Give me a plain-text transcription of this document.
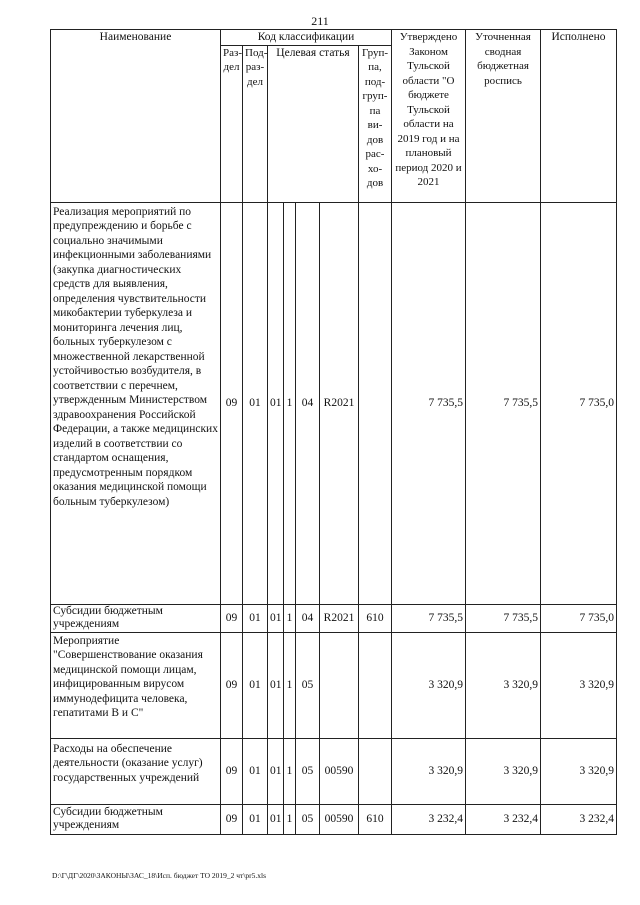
211
Наименование	Код классификации							Утверждено Законом Тульской области "О бюджете Тульской области на 2019 год и на плановый период 2020 и 2021	Уточненная сводная бюджетная роспись	Исполнено
	Раз-дел	Под-раз-дел	Целевая статья				Груп-па, под-груп-па ви-дов рас-хо-дов			
Реализация мероприятий по предупреждению и борьбе с социально значимыми инфекционными заболеваниями (закупка диагностических средств для выявления, определения чувствительности микобактерии туберкулеза и мониторинга лечения лиц, больных туберкулезом с множественной лекарственной устойчивостью возбудителя, в соответствии с перечнем, утвержденным Министерством здравоохранения Российской Федерации, а также медицинских изделий в соответствии со стандартом оснащения, предусмотренным порядком оказания медицинской помощи больным туберкулезом)	09	01	01	1	04	R2021		7 735,5	7 735,5	7 735,0
Субсидии бюджетным учреждениям	09	01	01	1	04	R2021	610	7 735,5	7 735,5	7 735,0
Мероприятие "Совершенствование оказания медицинской помощи лицам, инфицированным вирусом иммунодефицита человека, гепатитами В и С"	09	01	01	1	05			3 320,9	3 320,9	3 320,9
Расходы на обеспечение деятельности (оказание услуг) государственных учреждений	09	01	01	1	05	00590		3 320,9	3 320,9	3 320,9
Субсидии бюджетным учреждениям	09	01	01	1	05	00590	610	3 232,4	3 232,4	3 232,4
D:\Г\ДГ\2020\ЗАКОНЫ\ЗАС_18\Исп. бюджет ТО 2019_2 чт\pr5.xls
